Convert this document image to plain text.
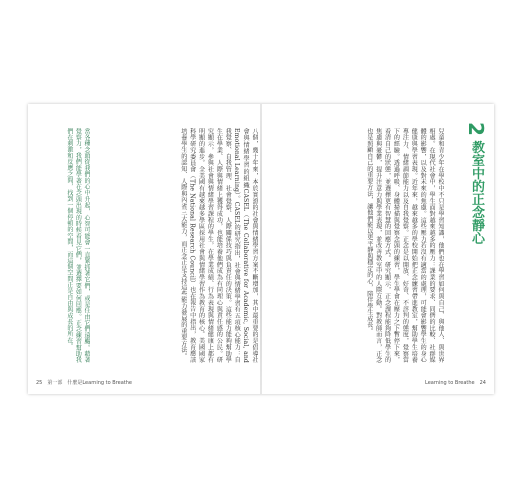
當各種念頭從我們的心中升起，心智可能會一直緊抓著它們，或是任由它們遠颺。藉著覺察力，我們能學著在念頭出現的時候看見它們，並選擇要如何回應。正念練習幫助我們在刺激和反應之間，找到一個停頓的空間，而這個空間正是自由與成長的所在。	八個，幾十年來，本於實證的社會與情緒學習方案不斷增加，其中最重要的是倡導社會與情緒學習的組織CASEL（The Collaborative for Academic, Social, and Emotional Learning）。CASEL的研究指出，社會與情緒學習有五項核心能力：自我覺察、自我管理、社會覺察、人際關係技巧與負責任的決策。這些能力能夠幫助學生在學業、人際與情緒上獲得成功，也能培養他們成為有同理心與責任感的公民。研究顯示，參與社會與情緒學習課程的學生，在學業成績、行為表現與情緒健康上都有明顯的進步。全美國有越來越多學區採用社會與情緒學習作為教育的核心。美國國家科學研究委員會（The National Research Council）也在報告中指出，教育應該培養學生的認知、人際與內省三大能力，而正念正是支持這些能力發展的重要方法。	兒童和青少年在學校中不只是學習知識，他們也在學習如何與自己、與他人、與世界相處。在現代社會中，學生面對越來越多的壓力：課業的要求、同儕的比較、社群媒體的影響，以及對未來的焦慮。這些壓力若沒有適當的處理，可能會影響學生的身心健康與學習表現。近年來，越來越多的學校開始把正念練習帶進教室，幫助學生培養專注力、情緒調節能力以及自我覺察。正念是以開放、好奇、不評判的態度，覺察當下的經驗。透過呼吸、身體掃描與覺察念頭的練習，學生學會在壓力之下暫停下來，看清自己的狀態，並選擇更有智慧的回應方式。研究顯示，正念課程能夠降低學生的焦慮與憂鬱，提升注意力與學業表現，並改善教室中的人際互動。對教師而言，正念也是照顧自己的重要方法，讓他們能以更平靜與穩定的心，陪伴學生成長。	2 教室中的正念靜心
25　第一部　什麼是Learning to Breathe	Learning to Breathe　24
